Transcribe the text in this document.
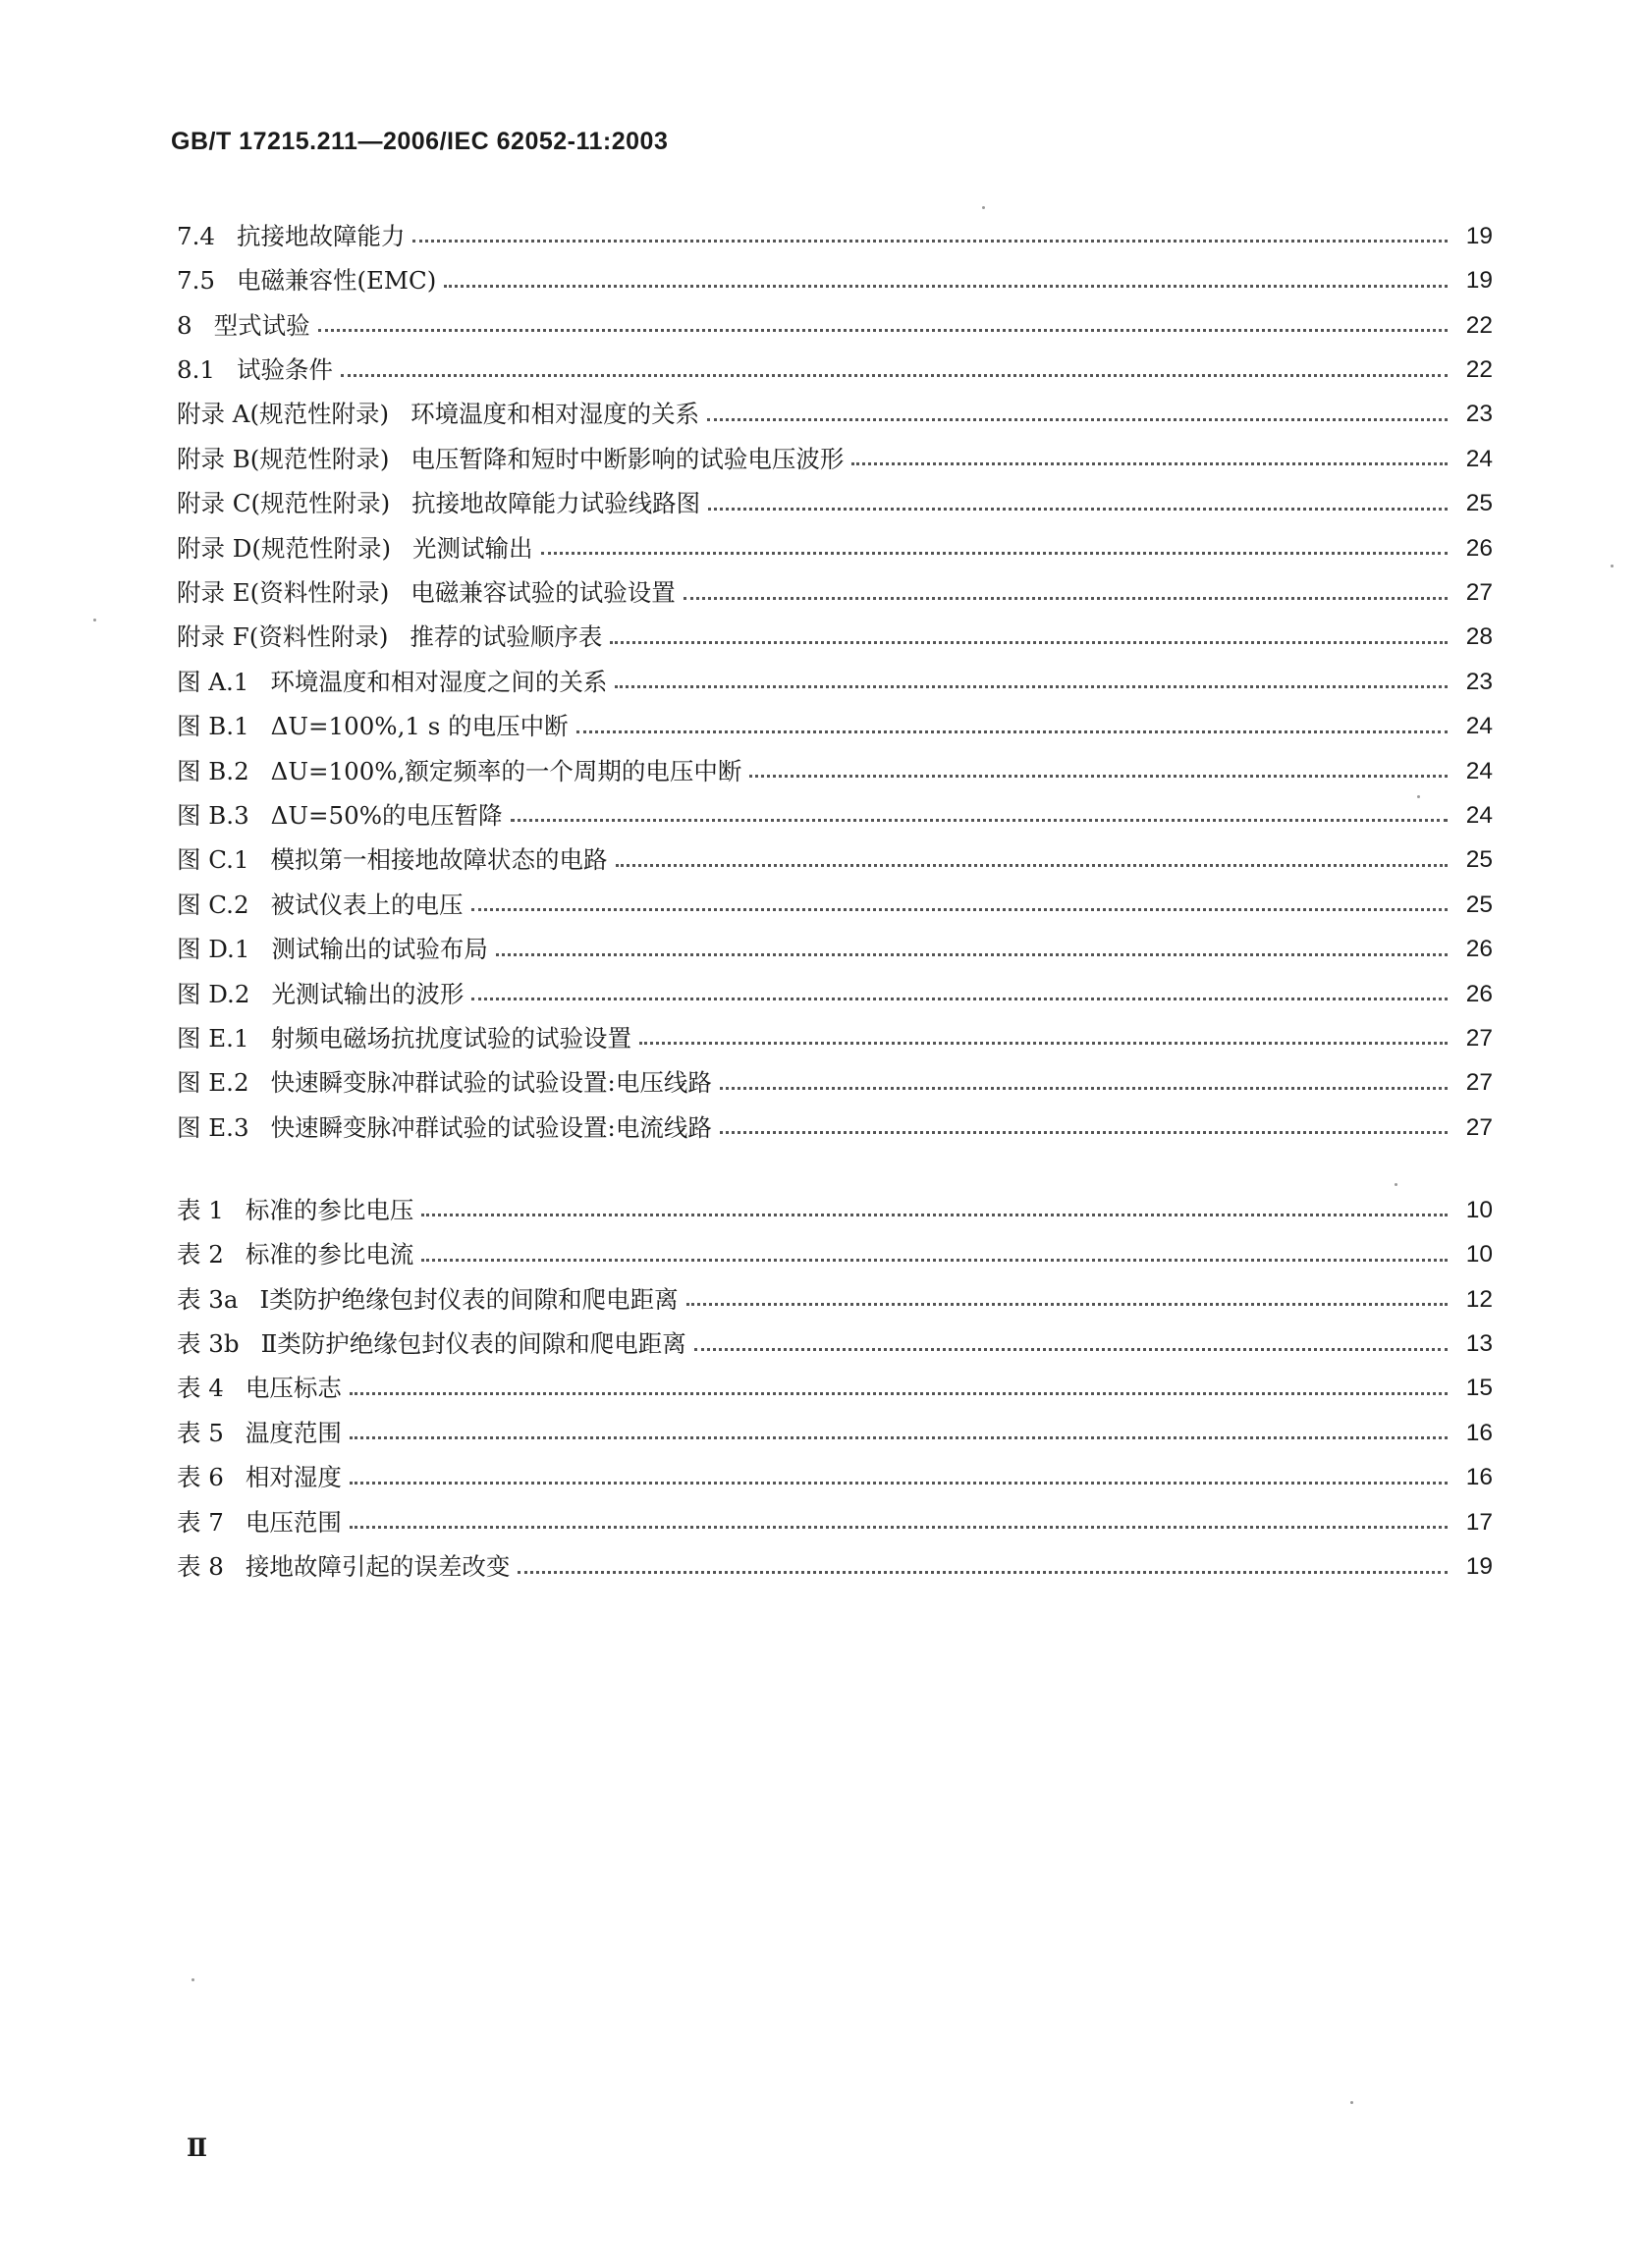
GB/T 17215.211—2006/IEC 62052-11:2003
7.4 抗接地故障能力	19
7.5 电磁兼容性(EMC)	19
8 型式试验	22
8.1 试验条件	22
附录 A(规范性附录) 环境温度和相对湿度的关系	23
附录 B(规范性附录) 电压暂降和短时中断影响的试验电压波形	24
附录 C(规范性附录) 抗接地故障能力试验线路图	25
附录 D(规范性附录) 光测试输出	26
附录 E(资料性附录) 电磁兼容试验的试验设置	27
附录 F(资料性附录) 推荐的试验顺序表	28
图 A.1 环境温度和相对湿度之间的关系	23
图 B.1 ΔU=100%,1 s 的电压中断	24
图 B.2 ΔU=100%,额定频率的一个周期的电压中断	24
图 B.3 ΔU=50%的电压暂降	24
图 C.1 模拟第一相接地故障状态的电路	25
图 C.2 被试仪表上的电压	25
图 D.1 测试输出的试验布局	26
图 D.2 光测试输出的波形	26
图 E.1 射频电磁场抗扰度试验的试验设置	27
图 E.2 快速瞬变脉冲群试验的试验设置:电压线路	27
图 E.3 快速瞬变脉冲群试验的试验设置:电流线路	27
表 1 标准的参比电压	10
表 2 标准的参比电流	10
表 3a Ⅰ类防护绝缘包封仪表的间隙和爬电距离	12
表 3b Ⅱ类防护绝缘包封仪表的间隙和爬电距离	13
表 4 电压标志	15
表 5 温度范围	16
表 6 相对湿度	16
表 7 电压范围	17
表 8 接地故障引起的误差改变	19
Ⅱ
